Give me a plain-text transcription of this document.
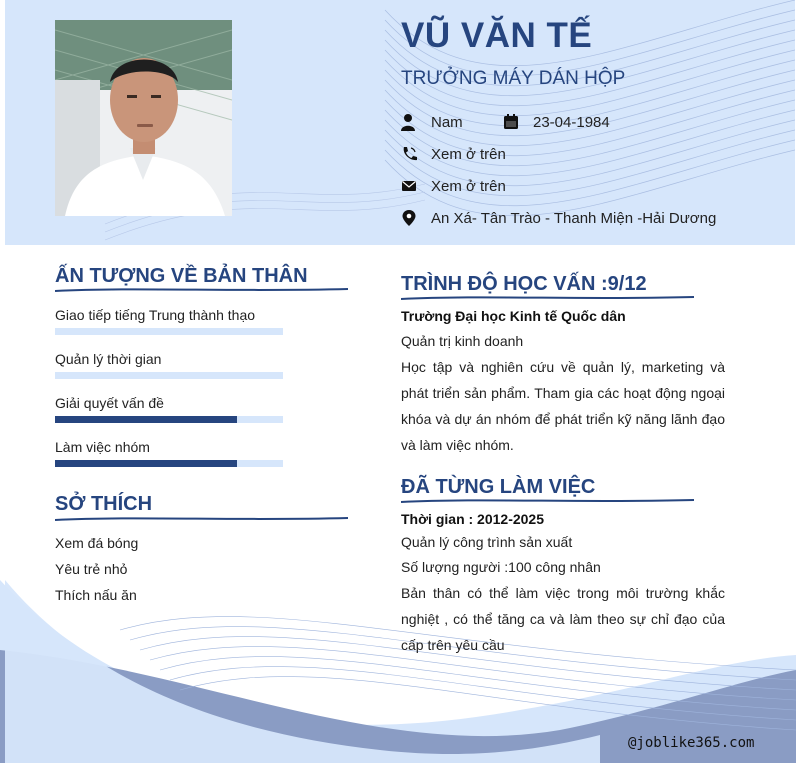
VŨ VĂN TẾ
TRƯỞNG MÁY DÁN HỘP
Nam	23-04-1984
Xem ở trên
Xem ở trên
An Xá- Tân Trào - Thanh Miện -Hải Dương
ẤN TƯỢNG VỀ BẢN THÂN
Giao tiếp tiếng Trung thành thạo
Quản lý thời gian
Giải quyết vấn đề
Làm việc nhóm
SỞ THÍCH
Xem đá bóng
Yêu trẻ nhỏ
Thích nấu ăn
TRÌNH ĐỘ HỌC VẤN :9/12
Trường Đại học Kinh tế Quốc dân
Quản trị kinh doanh
Học tập và nghiên cứu về quản lý, marketing và phát triển sản phẩm. Tham gia các hoạt động ngoại khóa và dự án nhóm để phát triển kỹ năng lãnh đạo và làm việc nhóm.
ĐÃ TỪNG LÀM VIỆC
Thời gian : 2012-2025
Quản lý công trình sản xuất
Số lượng người :100 công nhân
Bản thân có thể làm việc trong môi trường khắc nghiệt , có thể tăng ca và làm theo sự chỉ đạo của cấp trên yêu cầu
@joblike365.com
